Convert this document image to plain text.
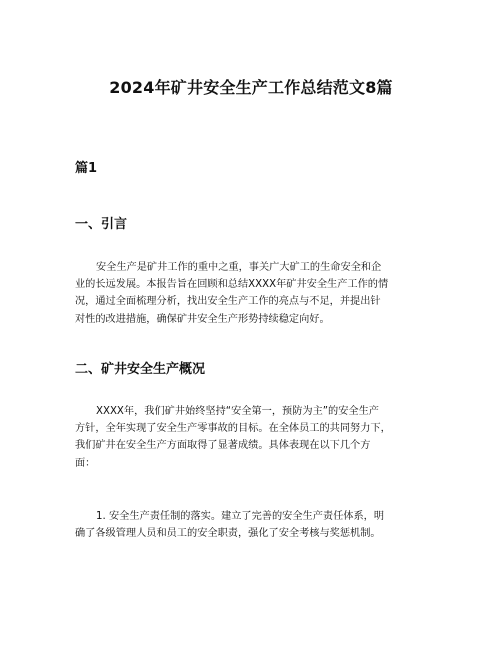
2024年矿井安全生产工作总结范文8篇
篇1
一、引言

安全生产是矿井工作的重中之重，事关广大矿工的生命安全和企
业的长远发展。本报告旨在回顾和总结XXXX年矿井安全生产工作的情
况，通过全面梳理分析，找出安全生产工作的亮点与不足，并提出针
对性的改进措施，确保矿井安全生产形势持续稳定向好。

二、矿井安全生产概况

XXXX年，我们矿井始终坚持“安全第一，预防为主”的安全生产
方针，全年实现了安全生产零事故的目标。在全体员工的共同努力下，
我们矿井在安全生产方面取得了显著成绩。具体表现在以下几个方
面：

1. 安全生产责任制的落实。建立了完善的安全生产责任体系，明
确了各级管理人员和员工的安全职责，强化了安全考核与奖惩机制。
